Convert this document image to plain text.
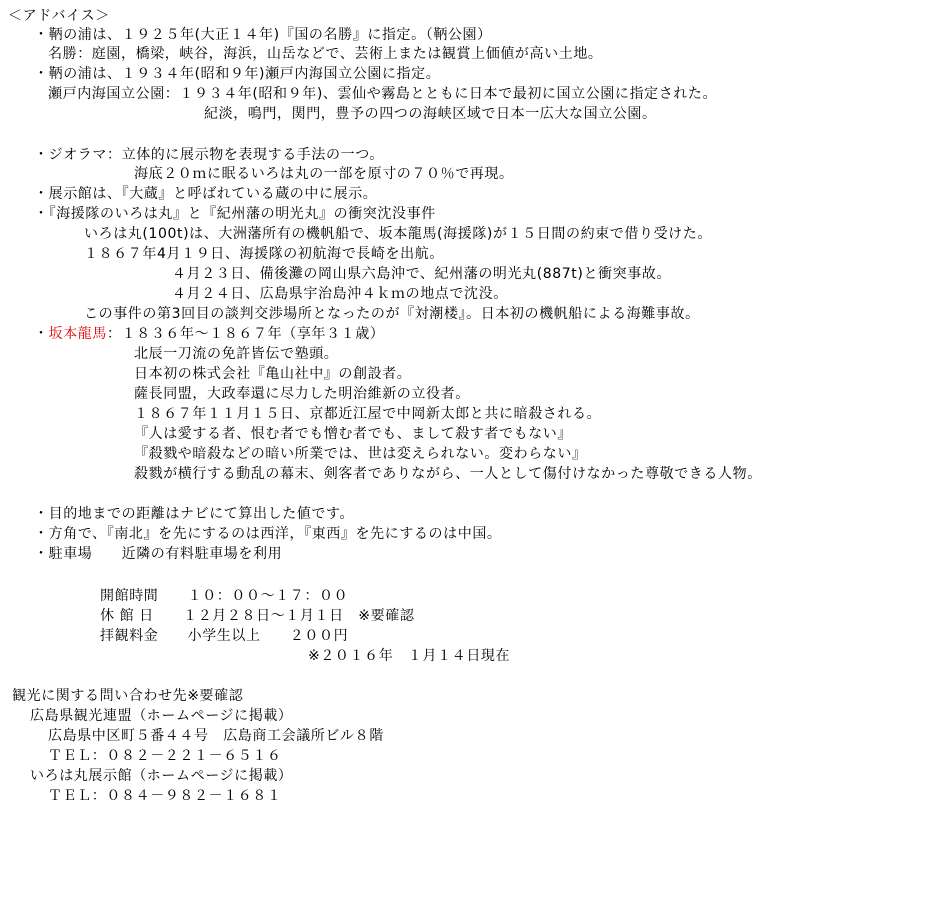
＜アドバイス＞
・鞆の浦は、１９２５年(大正１４年)『国の名勝』に指定。（鞆公園）
名勝：庭園，橋梁，峡谷，海浜，山岳などで、芸術上または観賞上価値が高い土地。
・鞆の浦は、１９３４年(昭和９年)瀬戸内海国立公園に指定。
瀬戸内海国立公園：１９３４年(昭和９年)、雲仙や霧島とともに日本で最初に国立公園に指定された。
紀淡，鳴門，関門，豊予の四つの海峡区域で日本一広大な国立公園。
・ジオラマ：立体的に展示物を表現する手法の一つ。
海底２０ｍに眠るいろは丸の一部を原寸の７０％で再現。
・展示館は、『大蔵』と呼ばれている蔵の中に展示。
・『海援隊のいろは丸』と『紀州藩の明光丸』の衝突沈没事件
いろは丸(100t)は、大洲藩所有の機帆船で、坂本龍馬(海援隊)が１５日間の約束で借り受けた。
１８６７年4月１９日、海援隊の初航海で長崎を出航。
４月２３日、備後灘の岡山県六島沖で、紀州藩の明光丸(887t)と衝突事故。
４月２４日、広島県宇治島沖４ｋｍの地点で沈没。
この事件の第3回目の談判交渉場所となったのが『対潮楼』。日本初の機帆船による海難事故。
・坂本龍馬：１８３６年～１８６７年（享年３１歳）
北辰一刀流の免許皆伝で塾頭。
日本初の株式会社『亀山社中』の創設者。
薩長同盟，大政奉還に尽力した明治維新の立役者。
１８６７年１１月１５日、京都近江屋で中岡新太郎と共に暗殺される。
『人は愛する者、恨む者でも憎む者でも、まして殺す者でもない』
『殺戮や暗殺などの暗い所業では、世は変えられない。変わらない』
殺戮が横行する動乱の幕末、剣客者でありながら、一人として傷付けなかった尊敬できる人物。
・目的地までの距離はナビにて算出した値です。
・方角で、『南北』を先にするのは西洋，『東西』を先にするのは中国。
・駐車場　　近隣の有料駐車場を利用
開館時間　　１０：００～１７：００
休 館 日　　１２月２８日～１月１日　※要確認
拝観料金　　小学生以上　　２００円
※２０１６年　１月１４日現在
観光に関する問い合わせ先※要確認
広島県観光連盟（ホームページに掲載）
広島県中区町５番４４号　広島商工会議所ビル８階
ＴＥＬ：０８２－２２１－６５１６
いろは丸展示館（ホームページに掲載）
ＴＥＬ：０８４－９８２－１６８１
